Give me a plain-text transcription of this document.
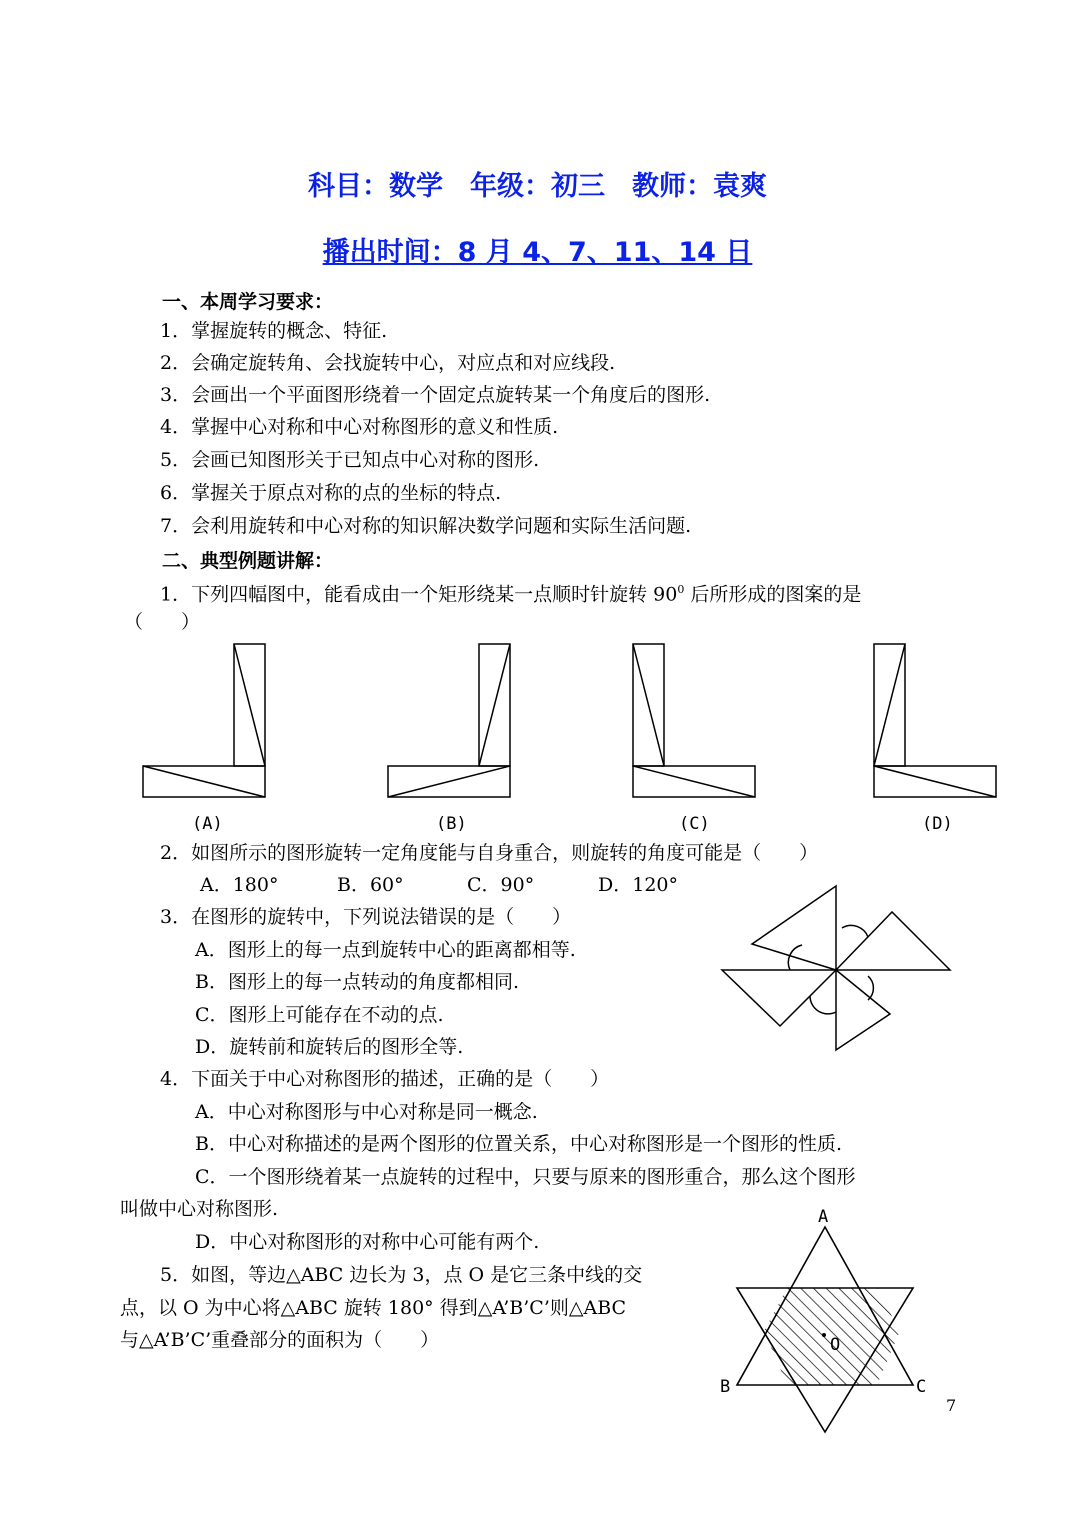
科目：数学　年级：初三　教师：袁爽
播出时间：8 月 4、7、11、14 日
一、本周学习要求：
1．掌握旋转的概念、特征.
2．会确定旋转角、会找旋转中心，对应点和对应线段.
3．会画出一个平面图形绕着一个固定点旋转某一个角度后的图形.
4．掌握中心对称和中心对称图形的意义和性质.
5．会画已知图形关于已知点中心对称的图形.
6．掌握关于原点对称的点的坐标的特点.
7．会利用旋转和中心对称的知识解决数学问题和实际生活问题.
二、典型例题讲解：
1．下列四幅图中，能看成由一个矩形绕某一点顺时针旋转 $90^0$ 后所形成的图案的是
（　　）
(A)	(B)	(C)	(D)
2．如图所示的图形旋转一定角度能与自身重合，则旋转的角度可能是（　　）
A．180°	B．60°	C．90°	D．120°
3．在图形的旋转中，下列说法错误的是（　　）
A．图形上的每一点到旋转中心的距离都相等.
B．图形上的每一点转动的角度都相同.
C．图形上可能存在不动的点.
D．旋转前和旋转后的图形全等.
4．下面关于中心对称图形的描述，正确的是（　　）
A．中心对称图形与中心对称是同一概念.
B．中心对称描述的是两个图形的位置关系，中心对称图形是一个图形的性质.
C．一个图形绕着某一点旋转的过程中，只要与原来的图形重合，那么这个图形
叫做中心对称图形.
D．中心对称图形的对称中心可能有两个.
5．如图，等边△ABC 边长为 3，点 O 是它三条中线的交
点，以 O 为中心将△ABC 旋转 180° 得到△A’B’C’则△ABC
与△A’B’C’重叠部分的面积为（　　）
A
B	C
O
7
